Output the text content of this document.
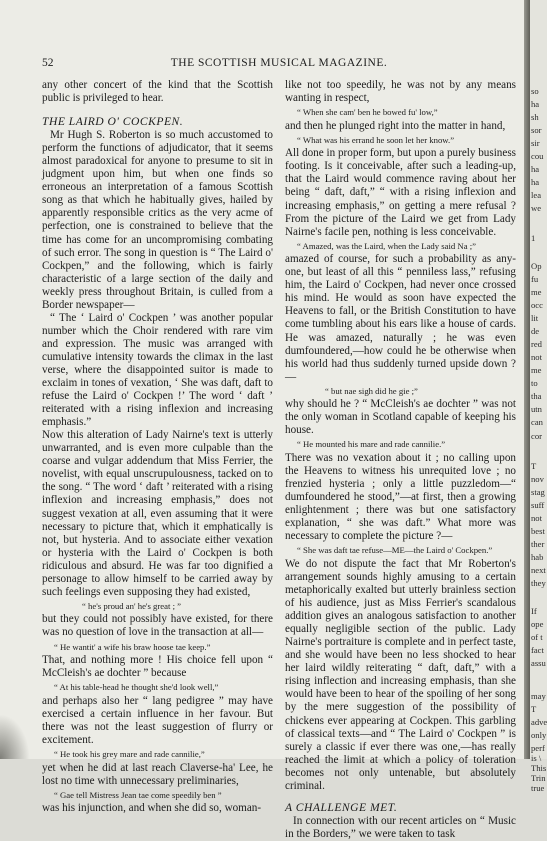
52	THE SCOTTISH MUSICAL MAGAZINE.

any other concert of the kind that the Scottish public is privileged to hear.

THE LAIRD O' COCKPEN.

Mr Hugh S. Roberton is so much accustomed to perform the functions of adjudicator, that it seems almost paradoxical for anyone to presume to sit in judgment upon him, but when one finds so erroneous an interpretation of a famous Scottish song as that which he habitually gives, hailed by apparently responsible critics as the very acme of perfection, one is constrained to believe that the time has come for an uncompromising combating of such error. The song in question is “ The Laird o' Cockpen,” and the following, which is fairly characteristic of a large section of the daily and weekly press throughout Britain, is culled from a Border newspaper—

“ The ‘ Laird o' Cockpen ’ was another popular number which the Choir rendered with rare vim and expression. The music was arranged with cumulative intensity towards the climax in the last verse, where the disappointed suitor is made to exclaim in tones of vexation, ‘ She was daft, daft to refuse the Laird o' Cockpen !’ The word ‘ daft ’ reiterated with a rising inflexion and increasing emphasis.”

Now this alteration of Lady Nairne's text is utterly unwarranted, and is even more culpable than the coarse and vulgar addendum that Miss Ferrier, the novelist, with equal unscrupulousness, tacked on to the song. “ The word ‘ daft ’ reiterated with a rising inflexion and increasing emphasis,” does not suggest vexation at all, even assuming that it were necessary to picture that, which it emphatically is not, but hysteria. And to associate either vexation or hysteria with the Laird o' Cockpen is both ridiculous and absurd. He was far too dignified a personage to allow himself to be carried away by such feelings even supposing they had existed,

“ he's proud an' he's great ; ”

but they could not possibly have existed, for there was no question of love in the transaction at all—

“ He wantit' a wife his braw hoose tae keep.”

That, and nothing more ! His choice fell upon “ McCleish's ae dochter ” because

“ At his table-head he thought she'd look well,”

and perhaps also her “ lang pedigree ” may have exercised a certain influence in her favour. But there was not the least suggestion of flurry or excitement.

“ He took his grey mare and rade cannilie,”

yet when he did at last reach Claverse-ha' Lee, he lost no time with unnecessary preliminaries,

“ Gae tell Mistress Jean tae come speedily ben ”

was his injunction, and when she did so, woman-

like not too speedily, he was not by any means wanting in respect,

“ When she cam' ben he bowed fu' low,”

and then he plunged right into the matter in hand,

“ What was his errand he soon let her know.”

All done in proper form, but upon a purely business footing. Is it conceivable, after such a leading-up, that the Laird would commence raving about her being “ daft, daft,” “ with a rising inflexion and increasing emphasis,” on getting a mere refusal ? From the picture of the Laird we get from Lady Nairne's facile pen, nothing is less conceivable.

“ Amazed, was the Laird, when the Lady said Na ;”

amazed of course, for such a probability as any-one, but least of all this “ penniless lass,” refusing him, the Laird o' Cockpen, had never once crossed his mind. He would as soon have expected the Heavens to fall, or the British Constitution to have come tumbling about his ears like a house of cards. He was amazed, naturally ; he was even dumfoundered,—how could he be otherwise when his world had thus suddenly turned upside down ?—

“ but nae sigh did he gie ;”

why should he ? “ McCleish's ae dochter ” was not the only woman in Scotland capable of keeping his house.

“ He mounted his mare and rade cannilie.”

There was no vexation about it ; no calling upon the Heavens to witness his unrequited love ; no frenzied hysteria ; only a little puzzledom—“ dumfoundered he stood,”—at first, then a growing enlightenment ; there was but one satisfactory explanation, “ she was daft.” What more was necessary to complete the picture ?—

“ She was daft tae refuse—ME—the Laird o' Cockpen.”

We do not dispute the fact that Mr Roberton's arrangement sounds highly amusing to a certain metaphorically exalted but utterly brainless section of his audience, just as Miss Ferrier's scandalous addition gives an analogous satisfaction to another equally negligible section of the public. Lady Nairne's portraiture is complete and in perfect taste, and she would have been no less shocked to hear her laird wildly reiterating “ daft, daft,” with a rising inflection and increasing emphasis, than she would have been to hear of the spoiling of her song by the mere suggestion of the possibility of chickens ever appearing at Cockpen. This garbling of classical texts—and “ The Laird o' Cockpen ” is surely a classic if ever there was one,—has really reached the limit at which a policy of toleration becomes not only untenable, but absolutely criminal.

A CHALLENGE MET.

In connection with our recent articles on “ Music in the Borders,” we were taken to task

so
ha
sh
sor
sir
cou
ha
ha
lea
we
1
Op
fu
me
occ
lit
de
red
not
me
to
tha
utn
can
cor
T
nov
stag
suff
not
best
ther
hab
next
they
If
ope
of t
fact
assu
may
T
adve
only
perf
is \
This
Trin
true
